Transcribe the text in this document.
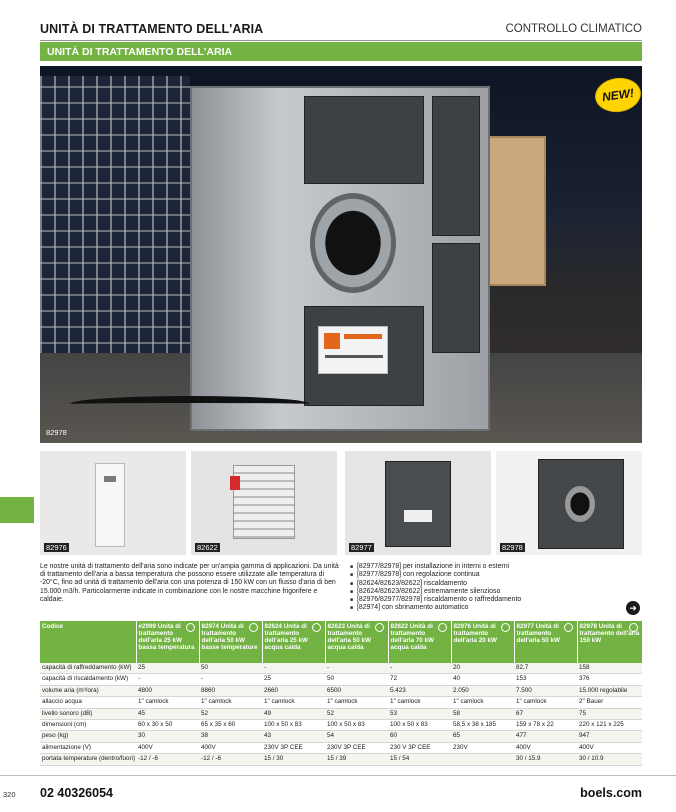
UNITÀ DI TRATTAMENTO DELL'ARIA	CONTROLLO CLIMATICO
UNITÀ DI TRATTAMENTO DELL'ARIA
82978
NEW!
82976	82622	82977	82978

Le nostre unità di trattamento dell'aria sono indicate per un'ampia gamma di applicazioni. Da unità di trattamento dell'aria a bassa temperatura che possono essere utilizzate alle temperatura di -20°C, fino ad unità di trattamento dell'aria con una potenza di 150 kW con un flusso d'aria di ben 15.000 m3/h. Particolarmente indicate in combinazione con le nostre macchine frigorifere e caldaie.

■ [82977/82978] per installazione in interni o esterni
■ [82977/82978] con regolazione continua
■ [82624/82623/82622] riscaldamento
■ [82624/82623/82622] estremamente silenzioso
■ [82976/82977/82978] riscaldamento o raffreddamento
■ [82974] con sbrinamento automatico	➜
Codice	#2999 Unità di trattamento dell'aria 25 kW bassa temperatura	82974 Unità di trattamento dell'aria 50 kW basse temperature	82624 Unità di trattamento dell'aria 25 kW acqua calda	82623 Unità di trattamento dell'aria 50 kW acqua calda	82622 Unità di trattamento dell'aria 70 kW acqua calda	82976 Unità di trattamento dell'aria 20 kW	82977 Unità di trattamento dell'aria 50 kW	82978 Unità di trattamento dell'aria 150 kW

capacità di raffreddamento (kW)	25	50	-	-	-	20	82,7	158
capacità di riscaldamento (kW)	-	-	25	50	72	40	153	376
volume aria (m³/ora)	4800	8860	2660	6500	5.423	2.050	7.500	15.000 regolabile
allaccio acqua	1" camlock	1" camlock	1" camlock	1" camlock	1" camlock	1" camlock	1" camlock	2" Bauer
livello sonoro (dB)	45	52	49	52	53	58	67	75
dimensioni (cm)	60 x 30 x 50	65 x 35 x 60	100 x 50 x 83	100 x 50 x 83	100 x 50 x 83	58,5 x 38 x 185	159 x 78 x 22	220 x 121 x 225
peso (kg)	30	38	43	54	60	65	477	947
alimentazione (V)	400V	400V	230V 3P CEE	230V 3P CEE	230 V 3P CEE	230V	400V	400V
portata temperature (dentro/fuori)	-12 / -6	-12 / -6	15 / 30	15 / 39	15 / 54		30 / 15.9	30 / 10.9
320 02 40326054	boels.com
